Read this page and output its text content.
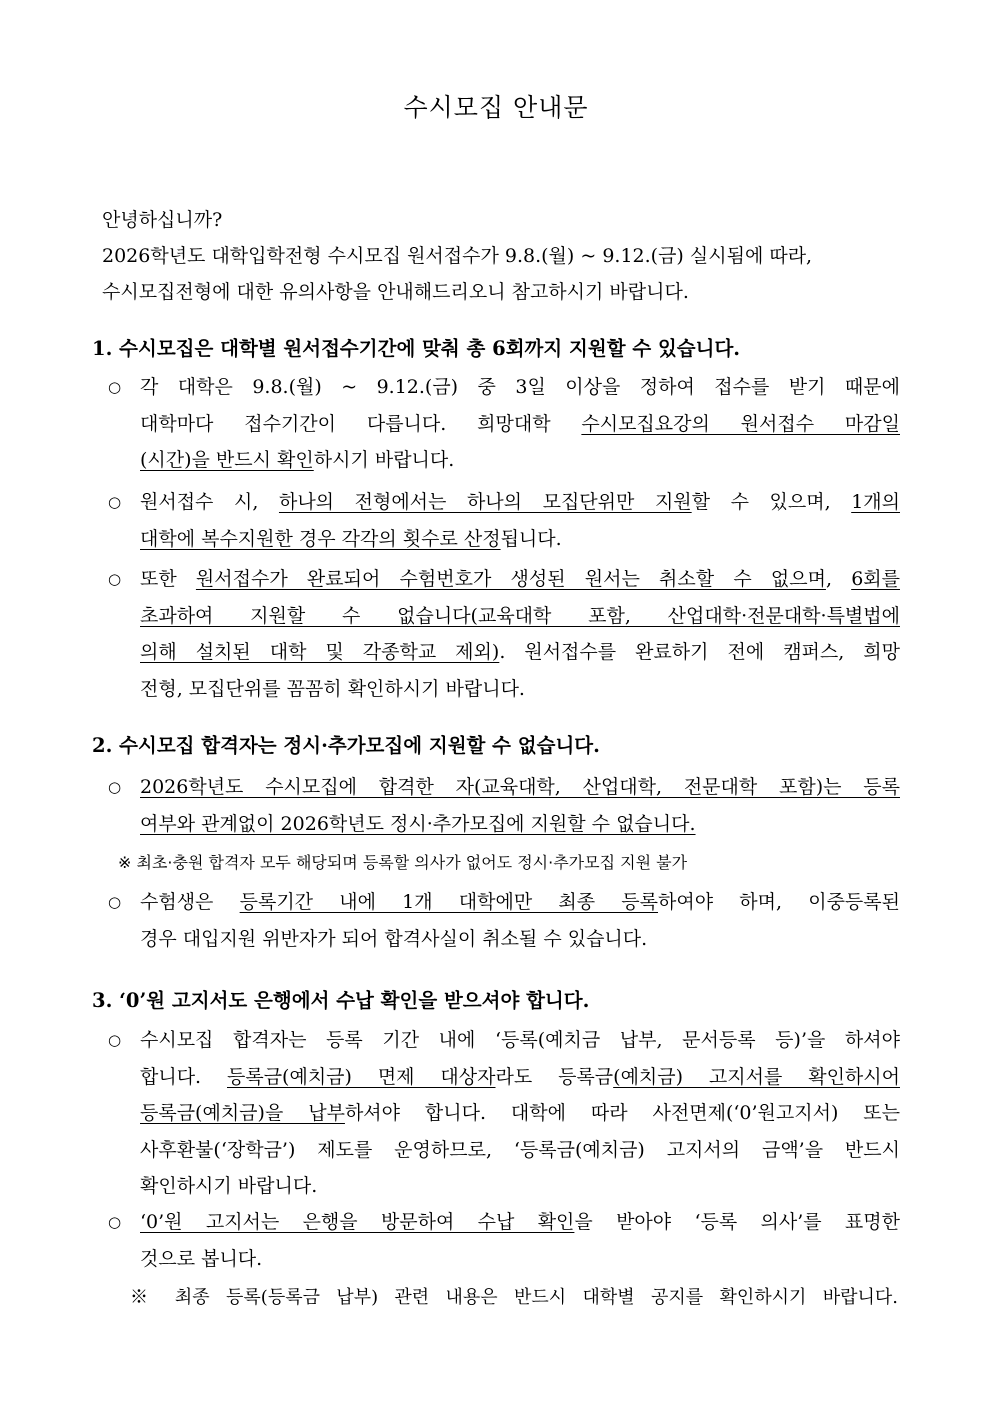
수시모집 안내문
안녕하십니까?
2026학년도 대학입학전형 수시모집 원서접수가 9.8.(월) ~ 9.12.(금) 실시됨에 따라,
수시모집전형에 대한 유의사항을 안내해드리오니 참고하시기 바랍니다.
1. 수시모집은 대학별 원서접수기간에 맞춰 총 6회까지 지원할 수 있습니다.
○ 각 대학은 9.8.(월) ~ 9.12.(금) 중 3일 이상을 정하여 접수를 받기 때문에
대학마다 접수기간이 다릅니다. 희망대학 수시모집요강의 원서접수 마감일
(시간)을 반드시 확인하시기 바랍니다.
○ 원서접수 시, 하나의 전형에서는 하나의 모집단위만 지원할 수 있으며, 1개의
대학에 복수지원한 경우 각각의 횟수로 산정됩니다.
○ 또한 원서접수가 완료되어 수험번호가 생성된 원서는 취소할 수 없으며, 6회를
초과하여 지원할 수 없습니다(교육대학 포함, 산업대학·전문대학·특별법에
의해 설치된 대학 및 각종학교 제외). 원서접수를 완료하기 전에 캠퍼스, 희망
전형, 모집단위를 꼼꼼히 확인하시기 바랍니다.
2. 수시모집 합격자는 정시·추가모집에 지원할 수 없습니다.
○ 2026학년도 수시모집에 합격한 자(교육대학, 산업대학, 전문대학 포함)는 등록
여부와 관계없이 2026학년도 정시·추가모집에 지원할 수 없습니다.
※ 최초·충원 합격자 모두 해당되며 등록할 의사가 없어도 정시·추가모집 지원 불가
○ 수험생은 등록기간 내에 1개 대학에만 최종 등록하여야 하며, 이중등록된
경우 대입지원 위반자가 되어 합격사실이 취소될 수 있습니다.
3. ‘0’원 고지서도 은행에서 수납 확인을 받으셔야 합니다.
○ 수시모집 합격자는 등록 기간 내에 ‘등록(예치금 납부, 문서등록 등)’을 하셔야
합니다. 등록금(예치금) 면제 대상자라도 등록금(예치금) 고지서를 확인하시어
등록금(예치금)을 납부하셔야 합니다. 대학에 따라 사전면제(‘0’원고지서) 또는
사후환불(‘장학금’) 제도를 운영하므로, ‘등록금(예치금) 고지서의 금액’을 반드시
확인하시기 바랍니다.
○ ‘0’원 고지서는 은행을 방문하여 수납 확인을 받아야 ‘등록 의사’를 표명한
것으로 봅니다.
※ 최종 등록(등록금 납부) 관련 내용은 반드시 대학별 공지를 확인하시기 바랍니다.
